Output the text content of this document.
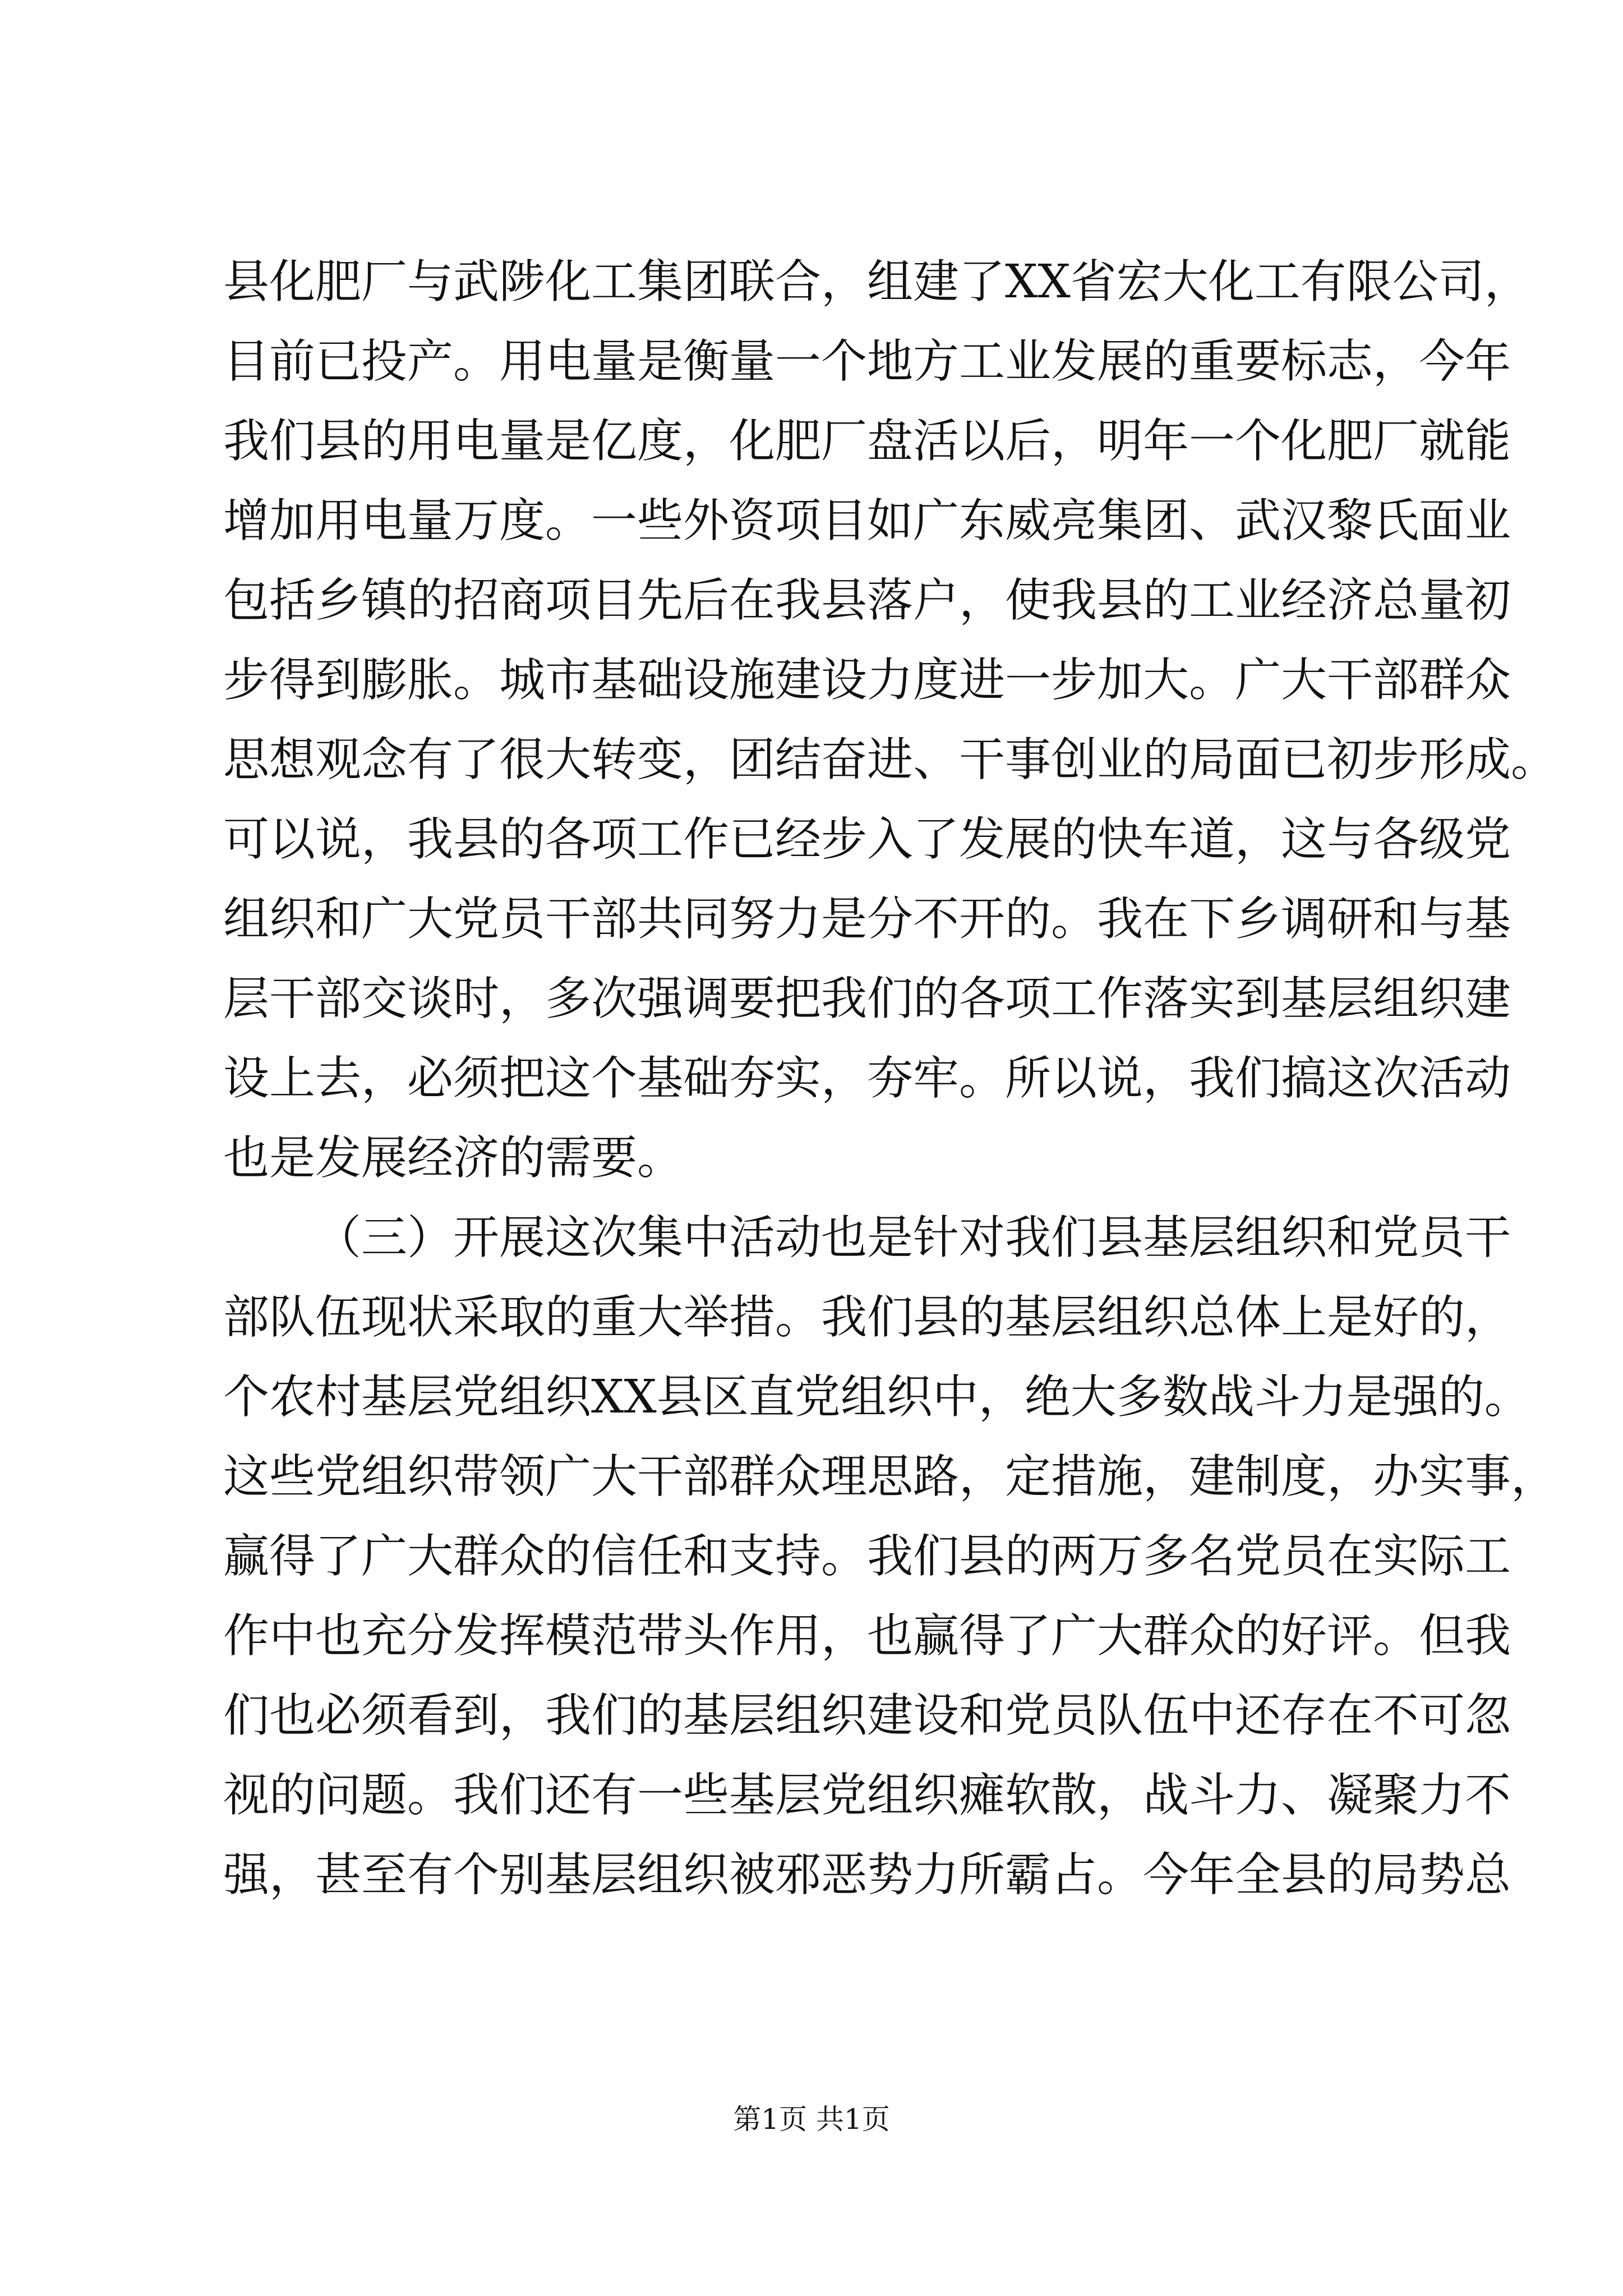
县化肥厂与武陟化工集团联合，组建了XX省宏大化工有限公司，
目前已投产。用电量是衡量一个地方工业发展的重要标志，今年
我们县的用电量是亿度，化肥厂盘活以后，明年一个化肥厂就能
增加用电量万度。一些外资项目如广东威亮集团、武汉黎氏面业
包括乡镇的招商项目先后在我县落户，使我县的工业经济总量初
步得到膨胀。城市基础设施建设力度进一步加大。广大干部群众
思想观念有了很大转变，团结奋进、干事创业的局面已初步形成。
可以说，我县的各项工作已经步入了发展的快车道，这与各级党
组织和广大党员干部共同努力是分不开的。我在下乡调研和与基
层干部交谈时，多次强调要把我们的各项工作落实到基层组织建
设上去，必须把这个基础夯实，夯牢。所以说，我们搞这次活动
也是发展经济的需要。
（三）开展这次集中活动也是针对我们县基层组织和党员干
部队伍现状采取的重大举措。我们县的基层组织总体上是好的，
个农村基层党组织XX县区直党组织中，绝大多数战斗力是强的。
这些党组织带领广大干部群众理思路，定措施，建制度，办实事，
赢得了广大群众的信任和支持。我们县的两万多名党员在实际工
作中也充分发挥模范带头作用，也赢得了广大群众的好评。但我
们也必须看到，我们的基层组织建设和党员队伍中还存在不可忽
视的问题。我们还有一些基层党组织瘫软散，战斗力、凝聚力不
强，甚至有个别基层组织被邪恶势力所霸占。今年全县的局势总
第1页 共1页
